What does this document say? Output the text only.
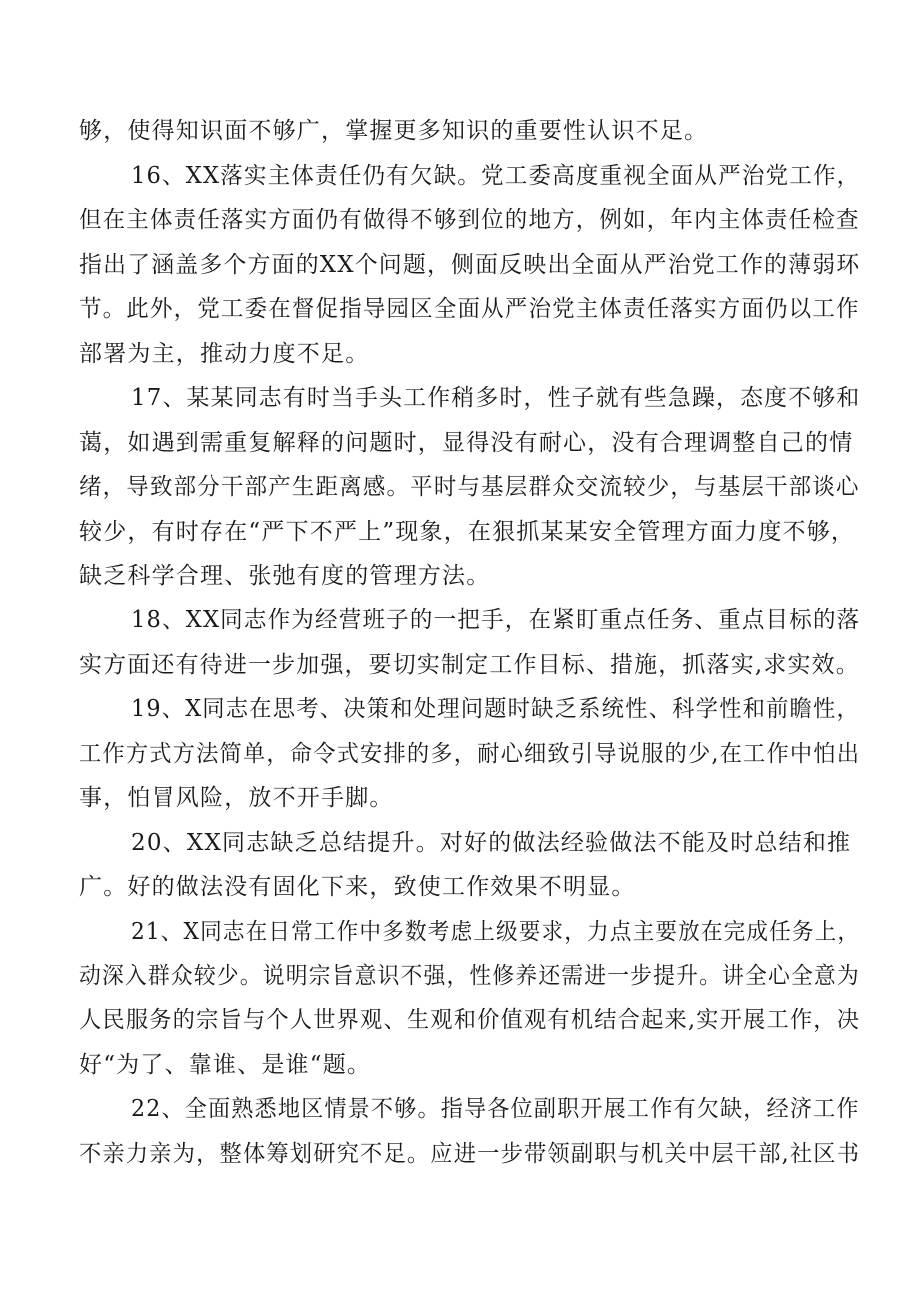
够，使得知识面不够广，掌握更多知识的重要性认识不足。
16、XX落实主体责任仍有欠缺。党工委高度重视全面从严治党工作，
但在主体责任落实方面仍有做得不够到位的地方，例如，年内主体责任检查
指出了涵盖多个方面的XX个问题，侧面反映出全面从严治党工作的薄弱环
节。此外，党工委在督促指导园区全面从严治党主体责任落实方面仍以工作
部署为主，推动力度不足。
17、某某同志有时当手头工作稍多时，性子就有些急躁，态度不够和
蔼，如遇到需重复解释的问题时，显得没有耐心，没有合理调整自己的情
绪，导致部分干部产生距离感。平时与基层群众交流较少，与基层干部谈心
较少，有时存在“严下不严上”现象，在狠抓某某安全管理方面力度不够，
缺乏科学合理、张弛有度的管理方法。
18、XX同志作为经营班子的一把手，在紧盯重点任务、重点目标的落
实方面还有待进一步加强，要切实制定工作目标、措施，抓落实,求实效。
19、X同志在思考、决策和处理问题时缺乏系统性、科学性和前瞻性，
工作方式方法简单，命令式安排的多，耐心细致引导说服的少,在工作中怕出
事，怕冒风险，放不开手脚。
20、XX同志缺乏总结提升。对好的做法经验做法不能及时总结和推
广。好的做法没有固化下来，致使工作效果不明显。
21、X同志在日常工作中多数考虑上级要求，力点主要放在完成任务上，
动深入群众较少。说明宗旨意识不强，性修养还需进一步提升。讲全心全意为
人民服务的宗旨与个人世界观、生观和价值观有机结合起来,实开展工作，决
好“为了、靠谁、是谁“题。
22、全面熟悉地区情景不够。指导各位副职开展工作有欠缺，经济工作
不亲力亲为，整体筹划研究不足。应进一步带领副职与机关中层干部,社区书
